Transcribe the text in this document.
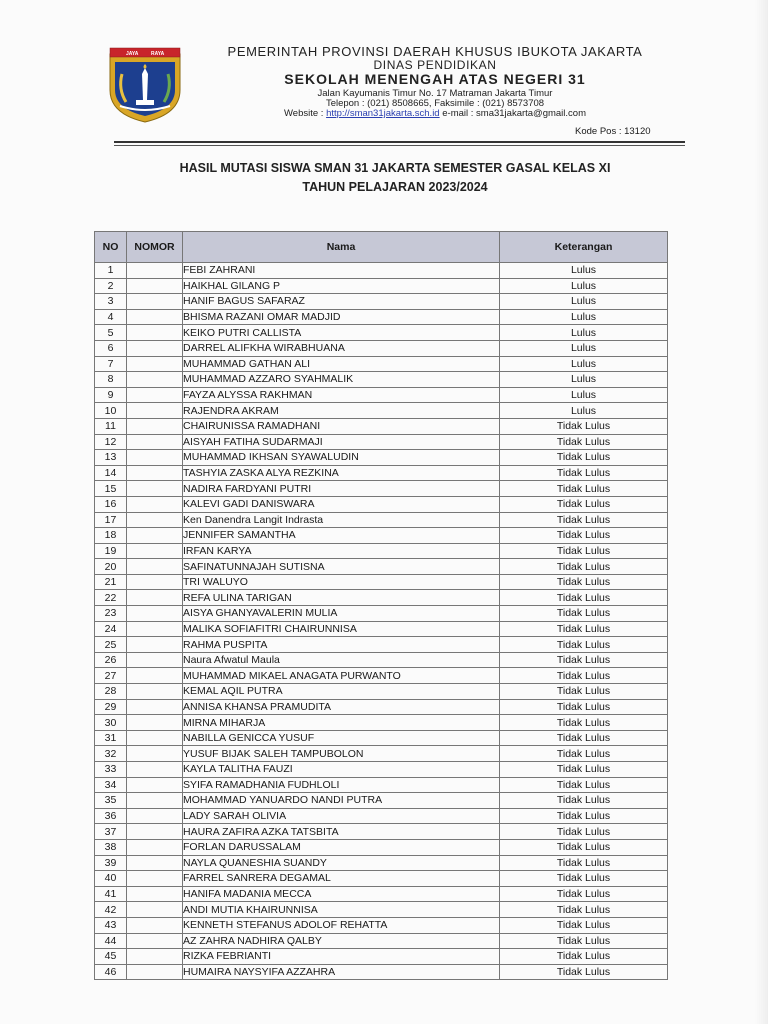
JAYA	RAYA	PEMERINTAH PROVINSI DAERAH KHUSUS IBUKOTA JAKARTA
DINAS PENDIDIKAN
SEKOLAH MENENGAH ATAS NEGERI 31
Jalan Kayumanis Timur No. 17 Matraman Jakarta Timur
Telepon : (021) 8508665, Faksimile : (021) 8573708
Website : http://sman31jakarta.sch.id e-mail : sma31jakarta@gmail.com
Kode Pos : 13120
HASIL MUTASI SISWA SMAN 31 JAKARTA SEMESTER GASAL KELAS XI
TAHUN PELAJARAN 2023/2024
NO	NOMOR	Nama	Keterangan
1		FEBI ZAHRANI	Lulus
2		HAIKHAL GILANG P	Lulus
3		HANIF BAGUS SAFARAZ	Lulus
4		BHISMA RAZANI OMAR MADJID	Lulus
5		KEIKO PUTRI CALLISTA	Lulus
6		DARREL ALIFKHA WIRABHUANA	Lulus
7		MUHAMMAD GATHAN ALI	Lulus
8		MUHAMMAD AZZARO SYAHMALIK	Lulus
9		FAYZA ALYSSA RAKHMAN	Lulus
10		RAJENDRA AKRAM	Lulus
11		CHAIRUNISSA RAMADHANI	Tidak Lulus
12		AISYAH FATIHA SUDARMAJI	Tidak Lulus
13		MUHAMMAD IKHSAN SYAWALUDIN	Tidak Lulus
14		TASHYIA ZASKA ALYA REZKINA	Tidak Lulus
15		NADIRA FARDYANI PUTRI	Tidak Lulus
16		KALEVI GADI DANISWARA	Tidak Lulus
17		Ken Danendra Langit Indrasta	Tidak Lulus
18		JENNIFER SAMANTHA	Tidak Lulus
19		IRFAN KARYA	Tidak Lulus
20		SAFINATUNNAJAH SUTISNA	Tidak Lulus
21		TRI WALUYO	Tidak Lulus
22		REFA ULINA TARIGAN	Tidak Lulus
23		AISYA GHANYAVALERIN MULIA	Tidak Lulus
24		MALIKA SOFIAFITRI CHAIRUNNISA	Tidak Lulus
25		RAHMA PUSPITA	Tidak Lulus
26		Naura Afwatul Maula	Tidak Lulus
27		MUHAMMAD MIKAEL ANAGATA PURWANTO	Tidak Lulus
28		KEMAL AQIL PUTRA	Tidak Lulus
29		ANNISA KHANSA PRAMUDITA	Tidak Lulus
30		MIRNA MIHARJA	Tidak Lulus
31		NABILLA GENICCA YUSUF	Tidak Lulus
32		YUSUF BIJAK SALEH TAMPUBOLON	Tidak Lulus
33		KAYLA TALITHA FAUZI	Tidak Lulus
34		SYIFA RAMADHANIA FUDHLOLI	Tidak Lulus
35		MOHAMMAD YANUARDO NANDI PUTRA	Tidak Lulus
36		LADY SARAH OLIVIA	Tidak Lulus
37		HAURA ZAFIRA AZKA TATSBITA	Tidak Lulus
38		FORLAN DARUSSALAM	Tidak Lulus
39		NAYLA QUANESHIA SUANDY	Tidak Lulus
40		FARREL SANRERA DEGAMAL	Tidak Lulus
41		HANIFA MADANIA MECCA	Tidak Lulus
42		ANDI MUTIA KHAIRUNNISA	Tidak Lulus
43		KENNETH STEFANUS ADOLOF REHATTA	Tidak Lulus
44		AZ ZAHRA NADHIRA QALBY	Tidak Lulus
45		RIZKA FEBRIANTI	Tidak Lulus
46		HUMAIRA NAYSYIFA AZZAHRA	Tidak Lulus
